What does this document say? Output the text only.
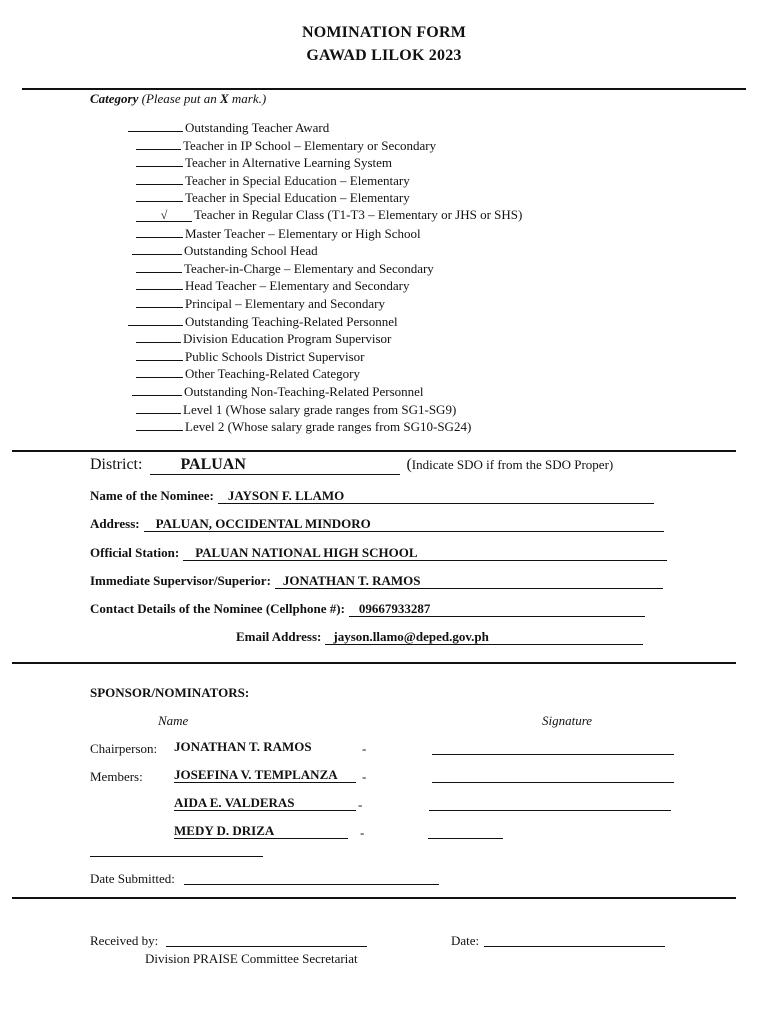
NOMINATION FORM
GAWAD LILOK 2023
Category (Please put an X mark.)
Outstanding Teacher Award
Teacher in IP School – Elementary or Secondary
Teacher in Alternative Learning System
Teacher in Special Education – Elementary
Teacher in Special Education – Elementary
√	Teacher in Regular Class (T1-T3 – Elementary or JHS or SHS)
Master Teacher – Elementary or High School
Outstanding School Head
Teacher-in-Charge – Elementary and Secondary
Head Teacher – Elementary and Secondary
Principal – Elementary and Secondary
Outstanding Teaching-Related Personnel
Division Education Program Supervisor
Public Schools District Supervisor
Other Teaching-Related Category
Outstanding Non-Teaching-Related Personnel
Level 1 (Whose salary grade ranges from SG1-SG9)
Level 2 (Whose salary grade ranges from SG10-SG24)
District:	PALUAN	(Indicate SDO if from the SDO Proper)
Name of the Nominee:	JAYSON F. LLAMO
Address:	PALUAN, OCCIDENTAL MINDORO
Official Station:	PALUAN NATIONAL HIGH SCHOOL
Immediate Supervisor/Superior: JONATHAN T. RAMOS
Contact Details of the Nominee (Cellphone #):	09667933287
Email Address: jayson.llamo@deped.gov.ph
SPONSOR/NOMINATORS:
Name	Signature
Chairperson: JONATHAN T. RAMOS	-
Members: JOSEFINA V. TEMPLANZA	-
AIDA E. VALDERAS	-
MEDY D. DRIZA	-
Date Submitted:
Received by:	Date:
Division PRAISE Committee Secretariat
